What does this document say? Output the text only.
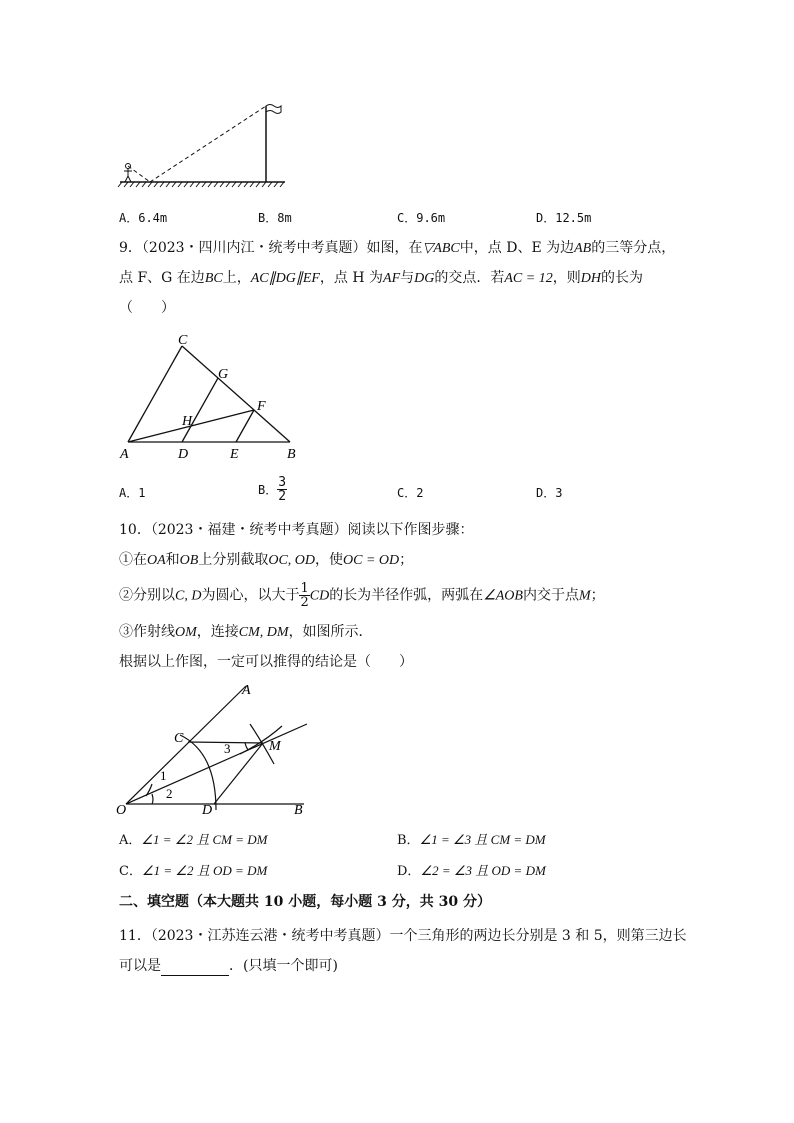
A．6.4m	B．8m	C．9.6m	D．12.5m
9．（2023・四川内江・统考中考真题）如图，在▽ABC中，点 D、E 为边AB的三等分点，
点 F、G 在边BC上，AC∥DG∥EF，点 H 为AF与DG的交点．若AC = 12，则DH的长为
（　　）
C
G
F
H
A	D	E	B
A．1	B． $\frac{3}{2}$	C．2	D．3
10．（2023・福建・统考中考真题）阅读以下作图步骤：
①在OA和OB上分别截取OC, OD，使OC = OD；
②分别以C, D为圆心，以大于 $\frac{1}{2}$ CD的长为半径作弧，两弧在∠AOB内交于点M；
③作射线OM，连接CM, DM，如图所示．
根据以上作图，一定可以推得的结论是（　　）
A
C
M
O	D	B
1
2
3
A．∠1 = ∠2 且 CM = DM	B．∠1 = ∠3 且 CM = DM
C．∠1 = ∠2 且 OD = DM	D．∠2 = ∠3 且 OD = DM
二、填空题（本大题共 10 小题，每小题 3 分，共 30 分）
11．（2023・江苏连云港・统考中考真题）一个三角形的两边长分别是 3 和 5，则第三边长
可以是	．(只填一个即可)
